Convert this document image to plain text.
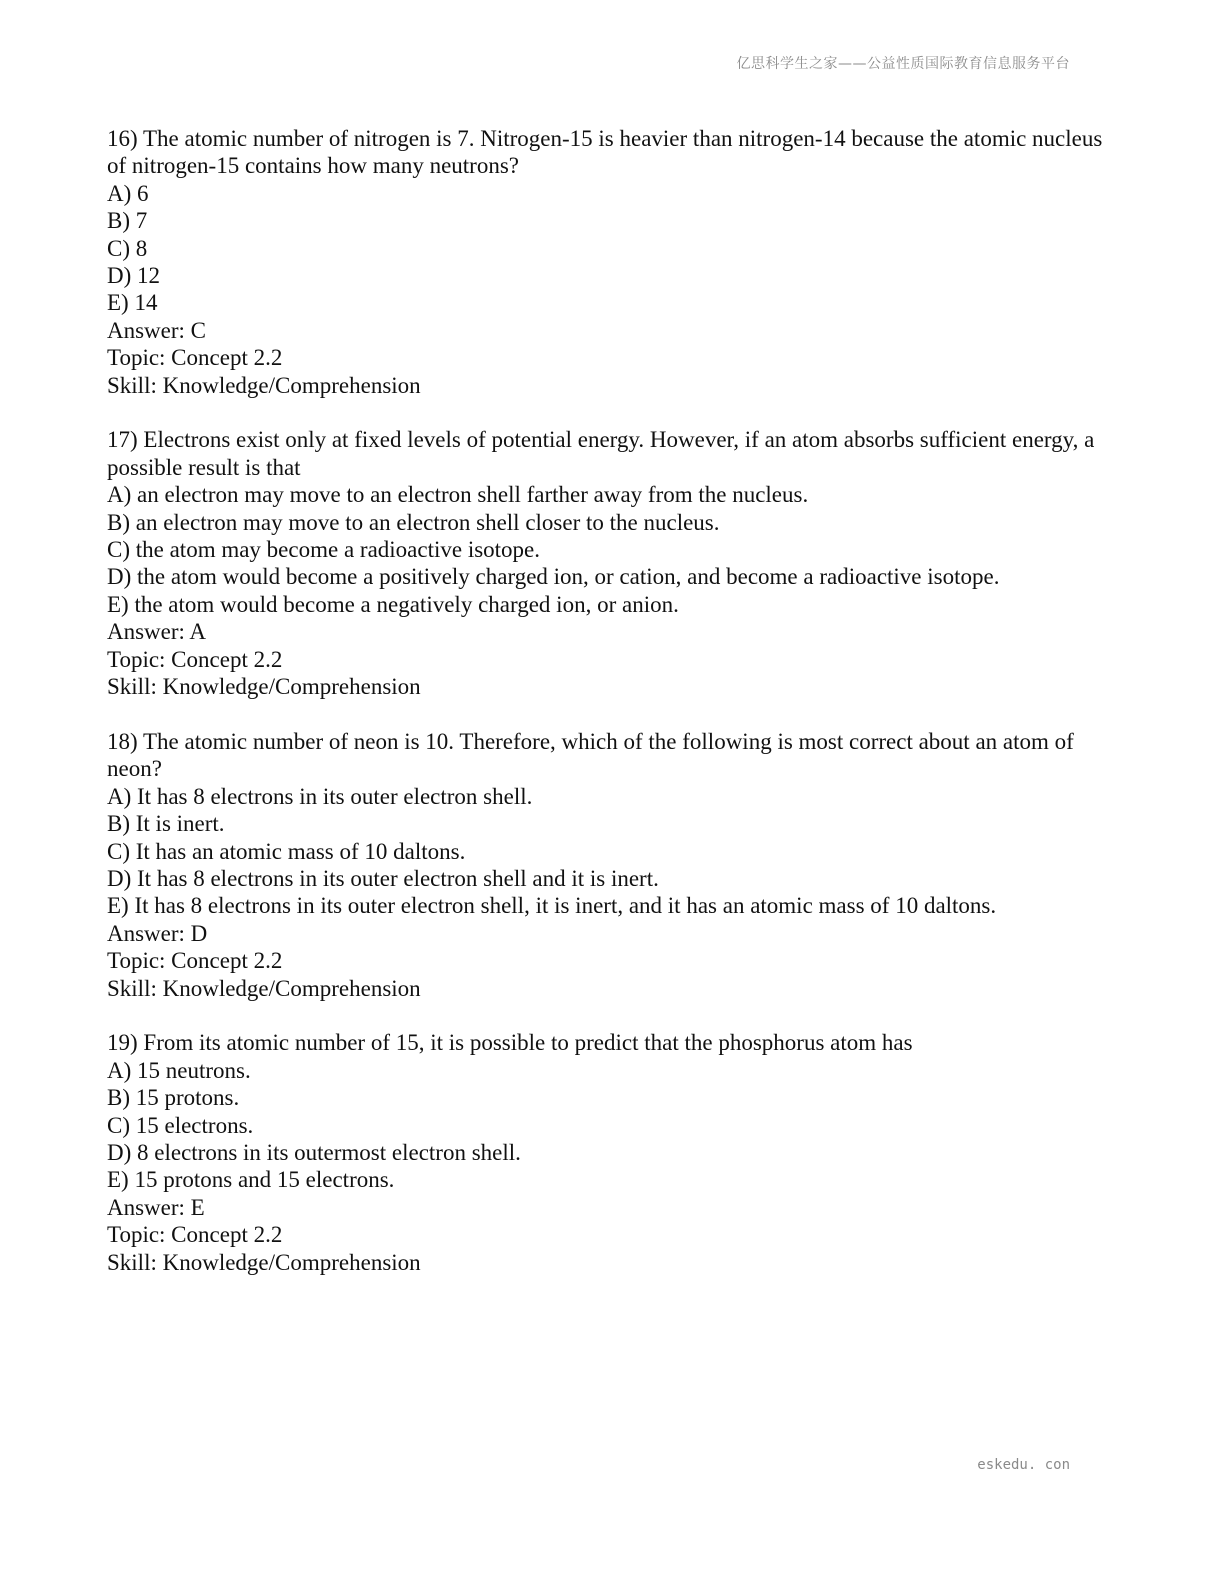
亿思科学生之家——公益性质国际教育信息服务平台
16) The atomic number of nitrogen is 7. Nitrogen-15 is heavier than nitrogen-14 because the atomic nucleus of nitrogen-15 contains how many neutrons?
A) 6
B) 7
C) 8
D) 12
E) 14
Answer: C
Topic: Concept 2.2
Skill: Knowledge/Comprehension
17) Electrons exist only at fixed levels of potential energy. However, if an atom absorbs sufficient energy, a possible result is that
A) an electron may move to an electron shell farther away from the nucleus.
B) an electron may move to an electron shell closer to the nucleus.
C) the atom may become a radioactive isotope.
D) the atom would become a positively charged ion, or cation, and become a radioactive isotope.
E) the atom would become a negatively charged ion, or anion.
Answer: A
Topic: Concept 2.2
Skill: Knowledge/Comprehension
18) The atomic number of neon is 10. Therefore, which of the following is most correct about an atom of neon?
A) It has 8 electrons in its outer electron shell.
B) It is inert.
C) It has an atomic mass of 10 daltons.
D) It has 8 electrons in its outer electron shell and it is inert.
E) It has 8 electrons in its outer electron shell, it is inert, and it has an atomic mass of 10 daltons.
Answer: D
Topic: Concept 2.2
Skill: Knowledge/Comprehension
19) From its atomic number of 15, it is possible to predict that the phosphorus atom has
A) 15 neutrons.
B) 15 protons.
C) 15 electrons.
D) 8 electrons in its outermost electron shell.
E) 15 protons and 15 electrons.
Answer: E
Topic: Concept 2.2
Skill: Knowledge/Comprehension
eskedu. con
